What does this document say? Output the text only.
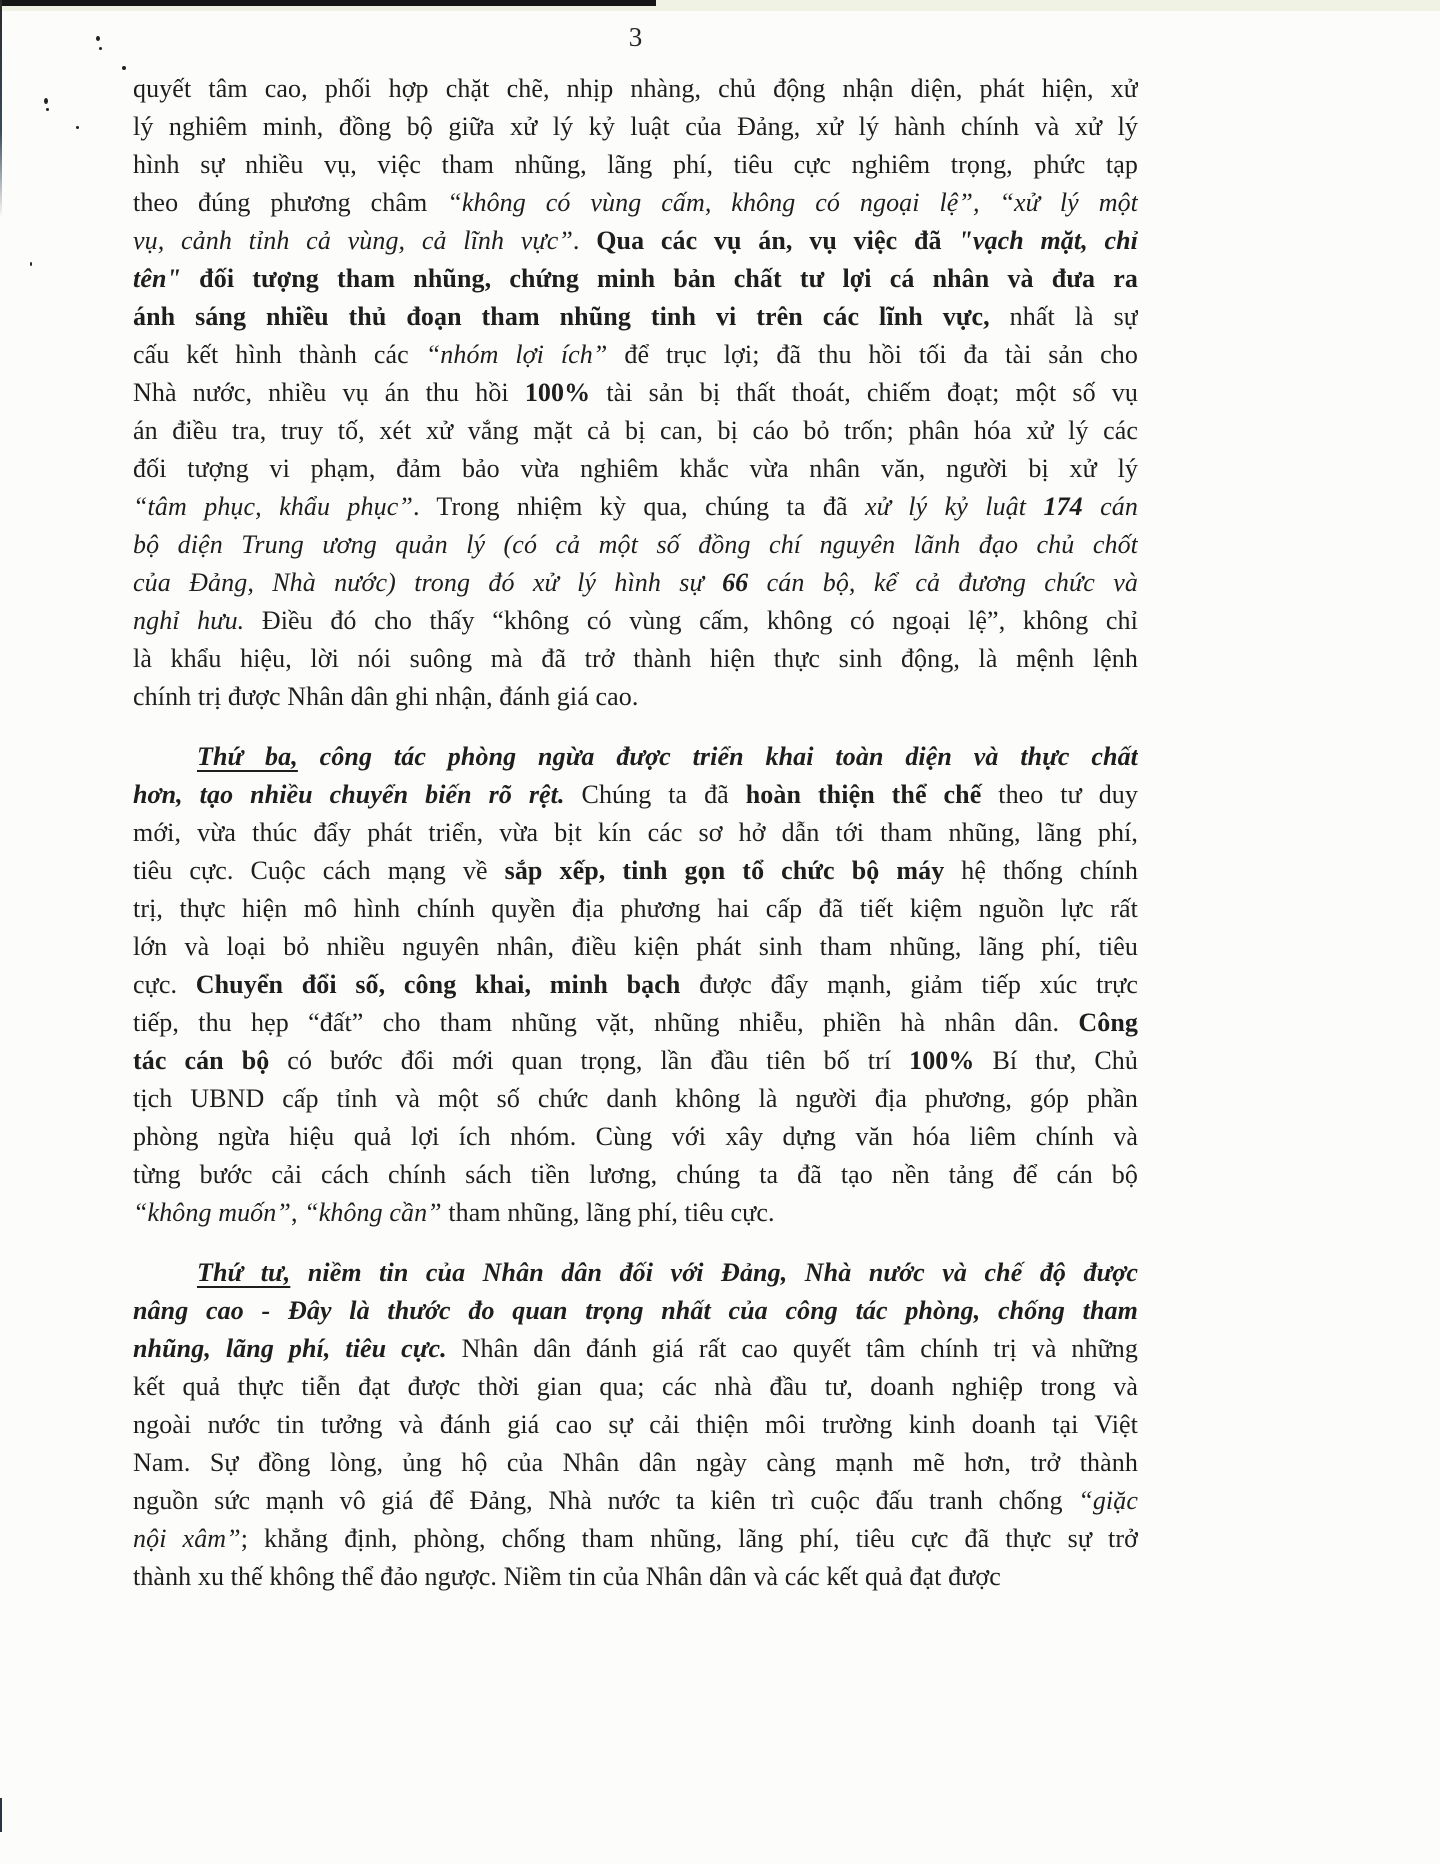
3
quyết tâm cao, phối hợp chặt chẽ, nhịp nhàng, chủ động nhận diện, phát hiện, xử
lý nghiêm minh, đồng bộ giữa xử lý kỷ luật của Đảng, xử lý hành chính và xử lý
hình sự nhiều vụ, việc tham nhũng, lãng phí, tiêu cực nghiêm trọng, phức tạp
theo đúng phương châm “không có vùng cấm, không có ngoại lệ”, “xử lý một
vụ, cảnh tỉnh cả vùng, cả lĩnh vực”. Qua các vụ án, vụ việc đã "vạch mặt, chỉ
tên" đối tượng tham nhũng, chứng minh bản chất tư lợi cá nhân và đưa ra
ánh sáng nhiều thủ đoạn tham nhũng tinh vi trên các lĩnh vực, nhất là sự
cấu kết hình thành các “nhóm lợi ích” để trục lợi; đã thu hồi tối đa tài sản cho
Nhà nước, nhiều vụ án thu hồi 100% tài sản bị thất thoát, chiếm đoạt; một số vụ
án điều tra, truy tố, xét xử vắng mặt cả bị can, bị cáo bỏ trốn; phân hóa xử lý các
đối tượng vi phạm, đảm bảo vừa nghiêm khắc vừa nhân văn, người bị xử lý
“tâm phục, khẩu phục”. Trong nhiệm kỳ qua, chúng ta đã xử lý kỷ luật 174 cán
bộ diện Trung ương quản lý (có cả một số đồng chí nguyên lãnh đạo chủ chốt
của Đảng, Nhà nước) trong đó xử lý hình sự 66 cán bộ, kể cả đương chức và
nghỉ hưu. Điều đó cho thấy “không có vùng cấm, không có ngoại lệ”, không chỉ
là khẩu hiệu, lời nói suông mà đã trở thành hiện thực sinh động, là mệnh lệnh
chính trị được Nhân dân ghi nhận, đánh giá cao.
Thứ ba, công tác phòng ngừa được triển khai toàn diện và thực chất
hơn, tạo nhiều chuyển biến rõ rệt. Chúng ta đã hoàn thiện thể chế theo tư duy
mới, vừa thúc đẩy phát triển, vừa bịt kín các sơ hở dẫn tới tham nhũng, lãng phí,
tiêu cực. Cuộc cách mạng về sắp xếp, tinh gọn tổ chức bộ máy hệ thống chính
trị, thực hiện mô hình chính quyền địa phương hai cấp đã tiết kiệm nguồn lực rất
lớn và loại bỏ nhiều nguyên nhân, điều kiện phát sinh tham nhũng, lãng phí, tiêu
cực. Chuyển đổi số, công khai, minh bạch được đẩy mạnh, giảm tiếp xúc trực
tiếp, thu hẹp “đất” cho tham nhũng vặt, nhũng nhiễu, phiền hà nhân dân. Công
tác cán bộ có bước đổi mới quan trọng, lần đầu tiên bố trí 100% Bí thư, Chủ
tịch UBND cấp tỉnh và một số chức danh không là người địa phương, góp phần
phòng ngừa hiệu quả lợi ích nhóm. Cùng với xây dựng văn hóa liêm chính và
từng bước cải cách chính sách tiền lương, chúng ta đã tạo nền tảng để cán bộ
“không muốn”, “không cần” tham nhũng, lãng phí, tiêu cực.
Thứ tư, niềm tin của Nhân dân đối với Đảng, Nhà nước và chế độ được
nâng cao - Đây là thước đo quan trọng nhất của công tác phòng, chống tham
nhũng, lãng phí, tiêu cực. Nhân dân đánh giá rất cao quyết tâm chính trị và những
kết quả thực tiễn đạt được thời gian qua; các nhà đầu tư, doanh nghiệp trong và
ngoài nước tin tưởng và đánh giá cao sự cải thiện môi trường kinh doanh tại Việt
Nam. Sự đồng lòng, ủng hộ của Nhân dân ngày càng mạnh mẽ hơn, trở thành
nguồn sức mạnh vô giá để Đảng, Nhà nước ta kiên trì cuộc đấu tranh chống “giặc
nội xâm”; khẳng định, phòng, chống tham nhũng, lãng phí, tiêu cực đã thực sự trở
thành xu thế không thể đảo ngược. Niềm tin của Nhân dân và các kết quả đạt được
